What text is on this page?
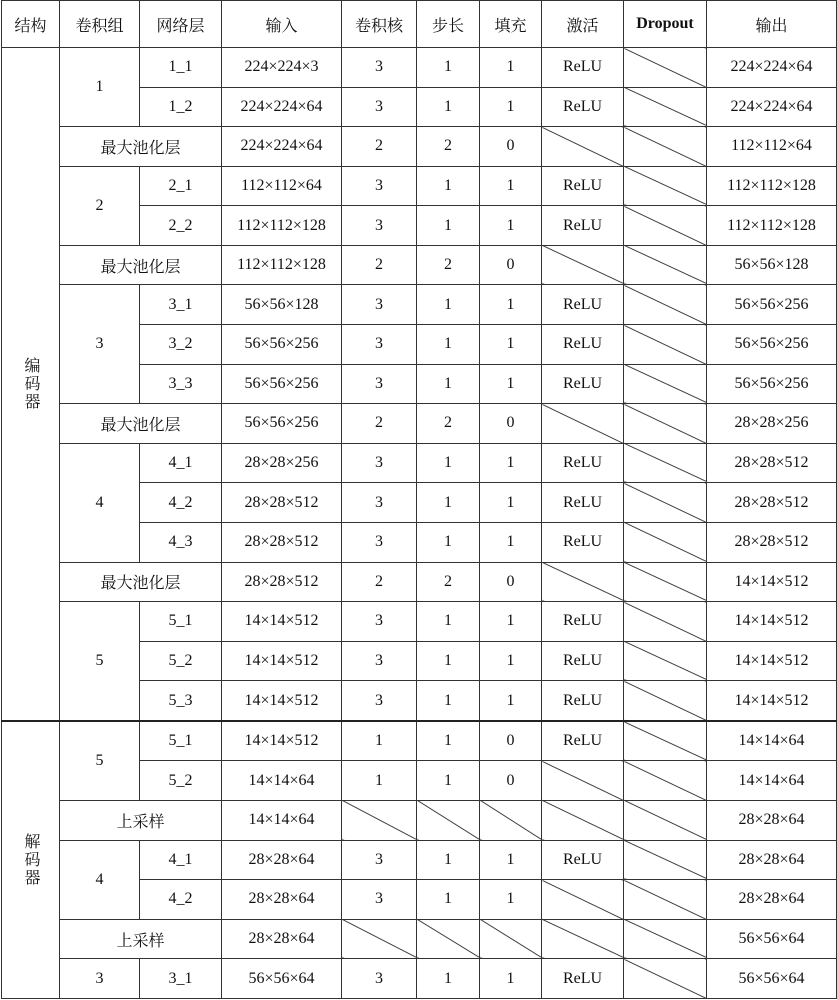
结构	卷积组	网络层	输入	卷积核	步长	填充	激活	Dropout	输出
编码器	1	1_1	224×224×3	3	1	1	ReLU		224×224×64
1_2	224×224×64	3	1	1	ReLU		224×224×64
最大池化层	224×224×64	2	2	0			112×112×64
2	2_1	112×112×64	3	1	1	ReLU		112×112×128
2_2	112×112×128	3	1	1	ReLU		112×112×128
最大池化层	112×112×128	2	2	0			56×56×128
3	3_1	56×56×128	3	1	1	ReLU		56×56×256
3_2	56×56×256	3	1	1	ReLU		56×56×256
3_3	56×56×256	3	1	1	ReLU		56×56×256
最大池化层	56×56×256	2	2	0			28×28×256
4	4_1	28×28×256	3	1	1	ReLU		28×28×512
4_2	28×28×512	3	1	1	ReLU		28×28×512
4_3	28×28×512	3	1	1	ReLU		28×28×512
最大池化层	28×28×512	2	2	0			14×14×512
5	5_1	14×14×512	3	1	1	ReLU		14×14×512
5_2	14×14×512	3	1	1	ReLU		14×14×512
5_3	14×14×512	3	1	1	ReLU		14×14×512
解码器	5	5_1	14×14×512	1	1	0	ReLU		14×14×64
5_2	14×14×64	1	1	0			14×14×64
上采样	14×14×64						28×28×64
4	4_1	28×28×64	3	1	1	ReLU		28×28×64
4_2	28×28×64	3	1	1			28×28×64
上采样	28×28×64						56×56×64
3	3_1	56×56×64	3	1	1	ReLU		56×56×64
